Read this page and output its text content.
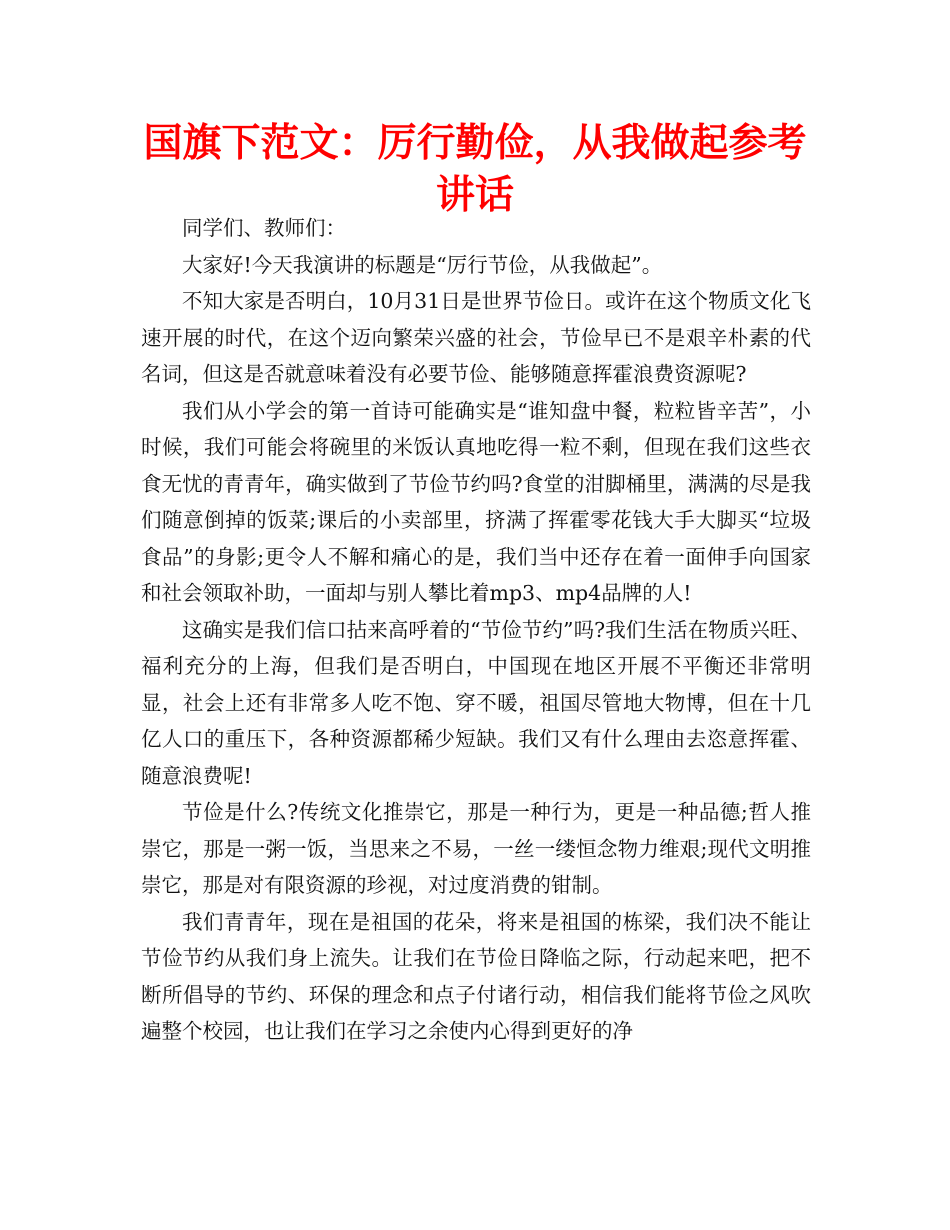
国旗下范文：厉行勤俭，从我做起参考讲话

同学们、教师们：

大家好!今天我演讲的标题是“厉行节俭，从我做起”。

不知大家是否明白，10月31日是世界节俭日。或许在这个物质文化飞速开展的时代，在这个迈向繁荣兴盛的社会，节俭早已不是艰辛朴素的代名词，但这是否就意味着没有必要节俭、能够随意挥霍浪费资源呢?

我们从小学会的第一首诗可能确实是“谁知盘中餐，粒粒皆辛苦”，小时候，我们可能会将碗里的米饭认真地吃得一粒不剩，但现在我们这些衣食无忧的青青年，确实做到了节俭节约吗?食堂的泔脚桶里，满满的尽是我们随意倒掉的饭菜;课后的小卖部里，挤满了挥霍零花钱大手大脚买“垃圾食品”的身影;更令人不解和痛心的是，我们当中还存在着一面伸手向国家和社会领取补助，一面却与别人攀比着mp3、mp4品牌的人!

这确实是我们信口拈来高呼着的“节俭节约”吗?我们生活在物质兴旺、福利充分的上海，但我们是否明白，中国现在地区开展不平衡还非常明显，社会上还有非常多人吃不饱、穿不暖，祖国尽管地大物博，但在十几亿人口的重压下，各种资源都稀少短缺。我们又有什么理由去恣意挥霍、随意浪费呢!

节俭是什么?传统文化推崇它，那是一种行为，更是一种品德;哲人推崇它，那是一粥一饭，当思来之不易，一丝一缕恒念物力维艰;现代文明推崇它，那是对有限资源的珍视，对过度消费的钳制。

我们青青年，现在是祖国的花朵，将来是祖国的栋梁，我们决不能让节俭节约从我们身上流失。让我们在节俭日降临之际，行动起来吧，把不断所倡导的节约、环保的理念和点子付诸行动，相信我们能将节俭之风吹遍整个校园，也让我们在学习之余使内心得到更好的净
